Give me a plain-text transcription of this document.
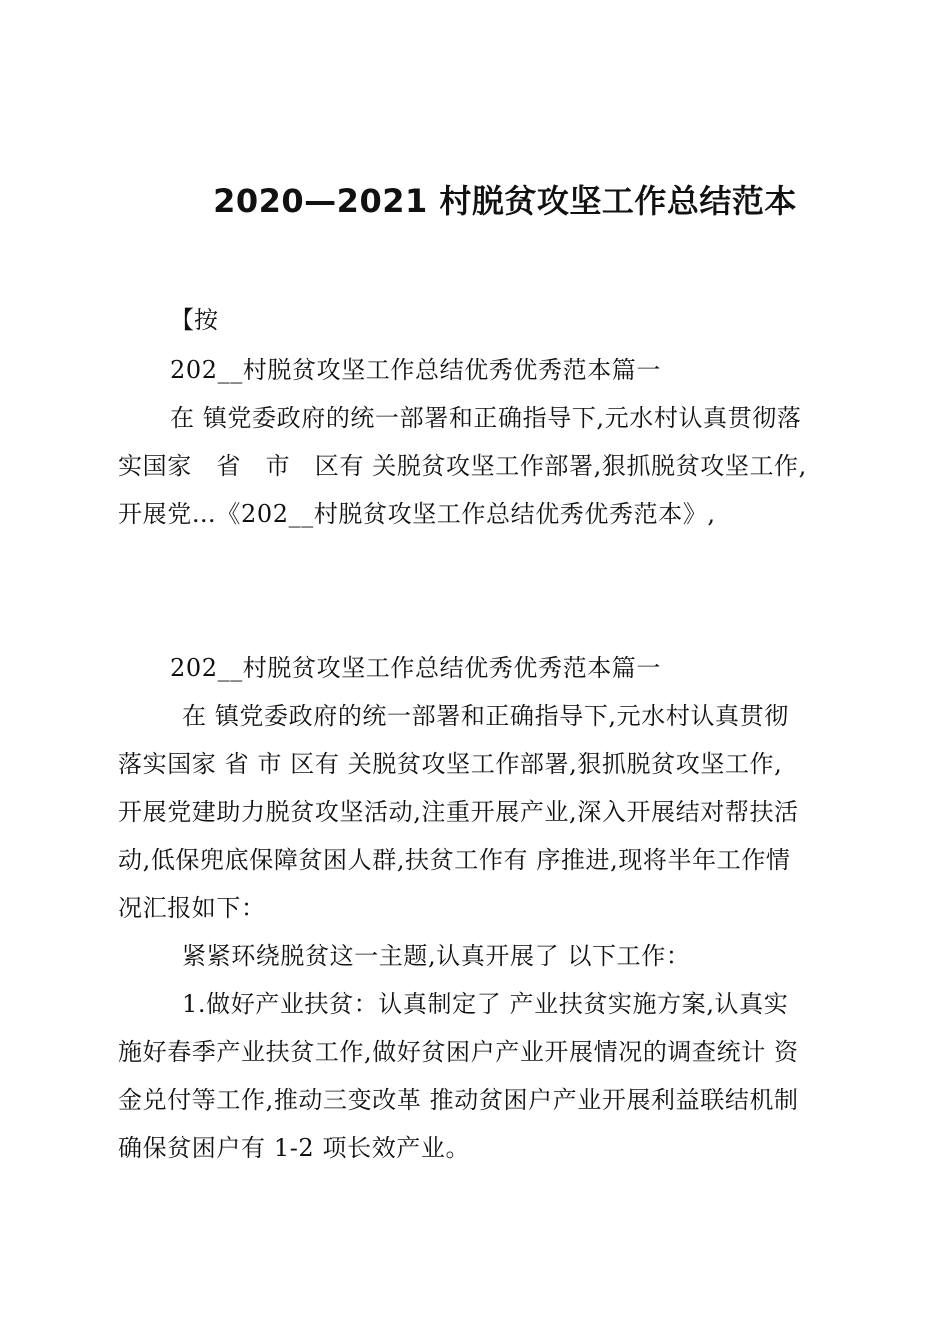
2020—2021 村脱贫攻坚工作总结范本
【按
202__村脱贫攻坚工作总结优秀优秀范本篇一
在 镇党委政府的统一部署和正确指导下,元水村认真贯彻落
实国家　省　市　区有 关脱贫攻坚工作部署,狠抓脱贫攻坚工作,
开展党…《202__村脱贫攻坚工作总结优秀优秀范本》,
202__村脱贫攻坚工作总结优秀优秀范本篇一
在 镇党委政府的统一部署和正确指导下,元水村认真贯彻
落实国家 省 市 区有 关脱贫攻坚工作部署,狠抓脱贫攻坚工作,
开展党建助力脱贫攻坚活动,注重开展产业,深入开展结对帮扶活
动,低保兜底保障贫困人群,扶贫工作有 序推进,现将半年工作情
况汇报如下：
紧紧环绕脱贫这一主题,认真开展了 以下工作：
1.做好产业扶贫：认真制定了 产业扶贫实施方案,认真实
施好春季产业扶贫工作,做好贫困户产业开展情况的调查统计 资
金兑付等工作,推动三变改革 推动贫困户产业开展利益联结机制
确保贫困户有 1-2 项长效产业。
